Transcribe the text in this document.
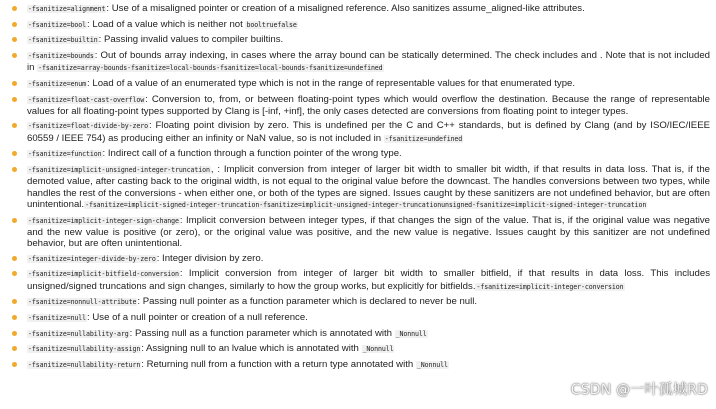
-fsanitize=alignment: Use of a misaligned pointer or creation of a misaligned reference. Also sanitizes assume_aligned-like attributes.
-fsanitize=bool: Load of a value which is neither not booltruefalse
-fsanitize=builtin: Passing invalid values to compiler builtins.
-fsanitize=bounds: Out of bounds array indexing, in cases where the array bound can be statically determined. The check includes and . Note that is not included in -fsanitize=array-bounds-fsanitize=local-bounds-fsanitize=local-bounds-fsanitize=undefined
-fsanitize=enum: Load of a value of an enumerated type which is not in the range of representable values for that enumerated type.
-fsanitize=float-cast-overflow: Conversion to, from, or between floating-point types which would overflow the destination. Because the range of representable values for all floating-point types supported by Clang is [-inf, +inf], the only cases detected are conversions from floating point to integer types.
-fsanitize=float-divide-by-zero: Floating point division by zero. This is undefined per the C and C++ standards, but is defined by Clang (and by ISO/IEC/IEEE 60559 / IEEE 754) as producing either an infinity or NaN value, so is not included in -fsanitize=undefined
-fsanitize=function: Indirect call of a function through a function pointer of the wrong type.
-fsanitize=implicit-unsigned-integer-truncation, : Implicit conversion from integer of larger bit width to smaller bit width, if that results in data loss. That is, if the demoted value, after casting back to the original width, is not equal to the original value before the downcast. The handles conversions between two types, while handles the rest of the conversions - when either one, or both of the types are signed. Issues caught by these sanitizers are not undefined behavior, but are often unintentional.-fsanitize=implicit-signed-integer-truncation-fsanitize=implicit-unsigned-integer-truncationunsigned-fsanitize=implicit-signed-integer-truncation
-fsanitize=implicit-integer-sign-change: Implicit conversion between integer types, if that changes the sign of the value. That is, if the original value was negative and the new value is positive (or zero), or the original value was positive, and the new value is negative. Issues caught by this sanitizer are not undefined behavior, but are often unintentional.
-fsanitize=integer-divide-by-zero: Integer division by zero.
-fsanitize=implicit-bitfield-conversion: Implicit conversion from integer of larger bit width to smaller bitfield, if that results in data loss. This includes unsigned/signed truncations and sign changes, similarly to how the group works, but explicitly for bitfields.-fsanitize=implicit-integer-conversion
-fsanitize=nonnull-attribute: Passing null pointer as a function parameter which is declared to never be null.
-fsanitize=null: Use of a null pointer or creation of a null reference.
-fsanitize=nullability-arg: Passing null as a function parameter which is annotated with _Nonnull
-fsanitize=nullability-assign: Assigning null to an lvalue which is annotated with _Nonnull
-fsanitize=nullability-return: Returning null from a function with a return type annotated with _Nonnull
CSDN @一叶孤城RD
